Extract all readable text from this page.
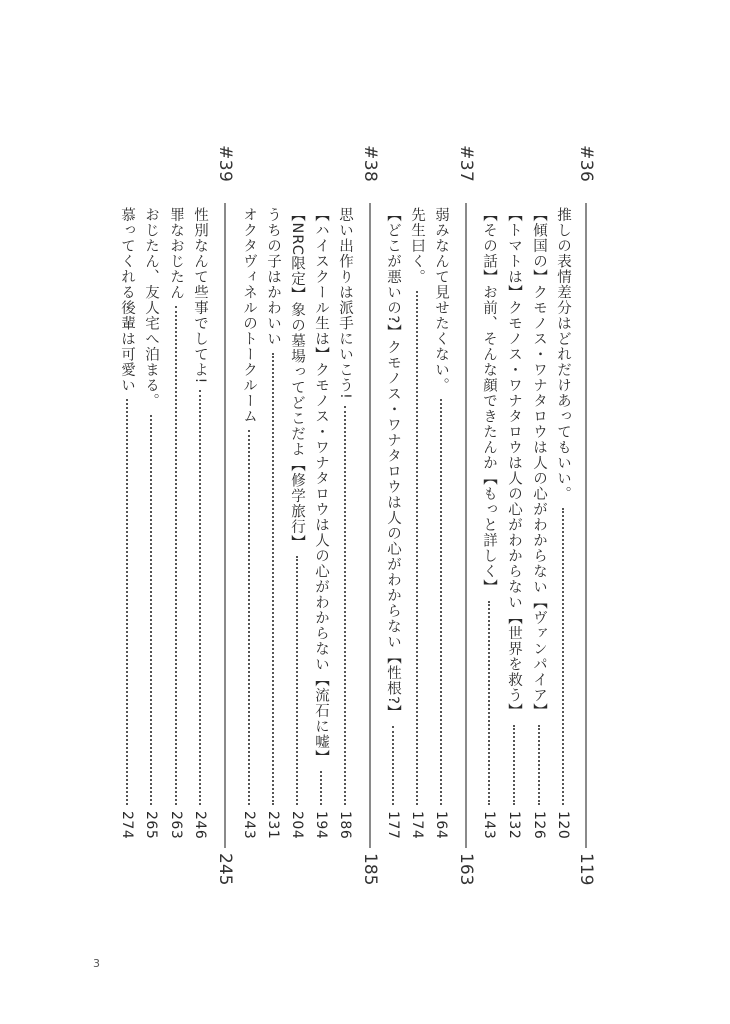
#36
119
推しの表情差分はどれだけあってもいい。
120
【傾国の】クモノス・ワナタロウは人の心がわからない【ヴァンパイア】
126
【トマトは】クモノス・ワナタロウは人の心がわからない【世界を救う】
132
【その話】お前、そんな顔できたんか【もっと詳しく】
143
#37
163
弱みなんて見せたくない。
164
先生曰く。
174
【どこが悪いの?】クモノス・ワナタロウは人の心がわからない【性根?】
177
#38
185
思い出作りは派手にいこう!
186
【ハイスクール生は】クモノス・ワナタロウは人の心がわからない【流石に嘘】
194
【NRC限定】象の墓場ってどこだよ【修学旅行】
204
うちの子はかわいい
231
オクタヴィネルのトークルーム
243
#39
245
性別なんて些事でしてよ!
246
罪なおじたん
263
おじたん、友人宅へ泊まる。
265
慕ってくれる後輩は可愛い
274
3
